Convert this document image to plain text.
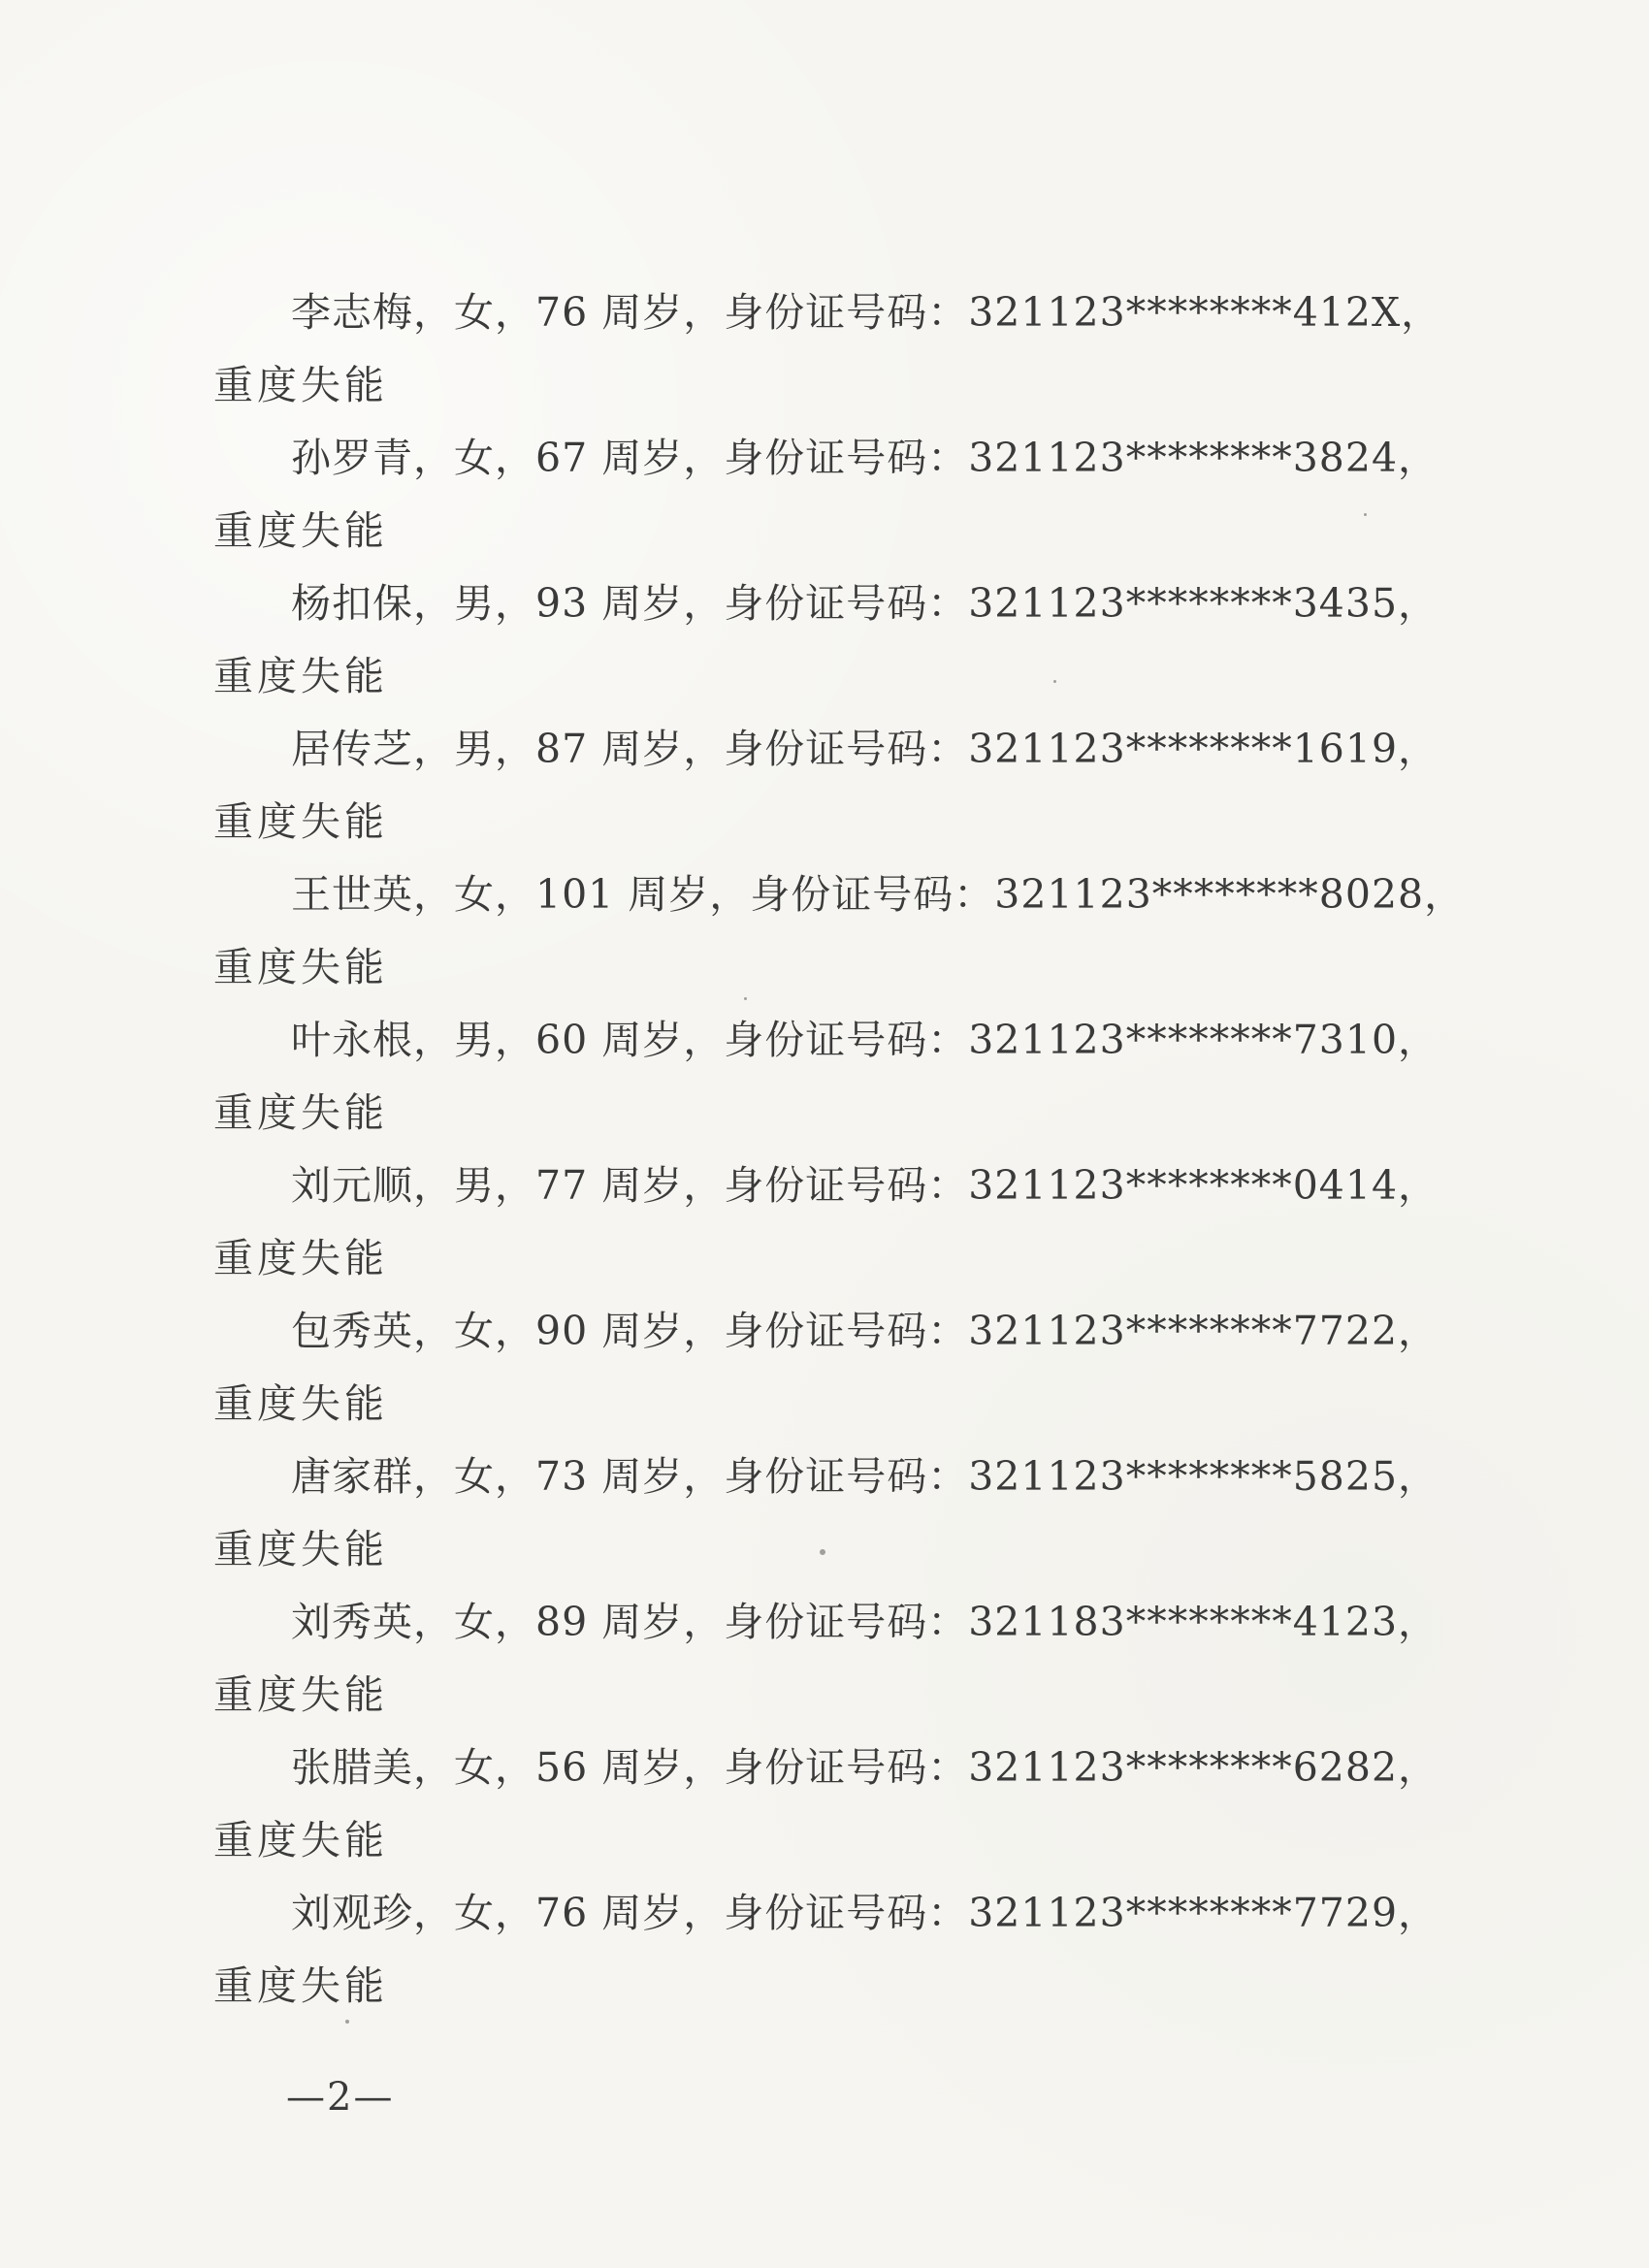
李志梅，女，76 周岁，身份证号码：321123********412X，
重度失能
孙罗青，女，67 周岁，身份证号码：321123********3824，
重度失能
杨扣保，男，93 周岁，身份证号码：321123********3435，
重度失能
居传芝，男，87 周岁，身份证号码：321123********1619，
重度失能
王世英，女，101 周岁，身份证号码：321123********8028，
重度失能
叶永根，男，60 周岁，身份证号码：321123********7310，
重度失能
刘元顺，男，77 周岁，身份证号码：321123********0414，
重度失能
包秀英，女，90 周岁，身份证号码：321123********7722，
重度失能
唐家群，女，73 周岁，身份证号码：321123********5825，
重度失能
刘秀英，女，89 周岁，身份证号码：321183********4123，
重度失能
张腊美，女，56 周岁，身份证号码：321123********6282，
重度失能
刘观珍，女，76 周岁，身份证号码：321123********7729，
重度失能
—2—
